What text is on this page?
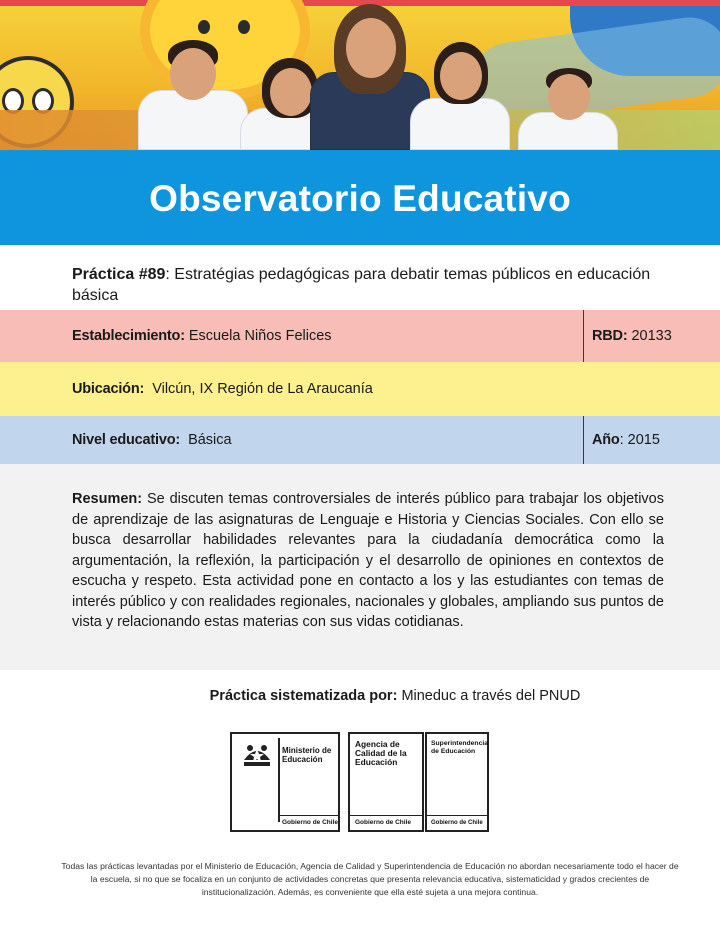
Observatorio Educativo
Práctica #89: Estratégias pedagógicas para debatir temas públicos en educación básica
Establecimiento:
Escuela Niños Felices	RBD:
20133
Ubicación:
Vilcún, IX Región de La Araucanía
Nivel educativo:
Básica	Año : 2015

Resumen: Se discuten temas controversiales de interés público para trabajar los objetivos de aprendizaje de las asignaturas de Lenguaje e Historia y Ciencias Sociales. Con ello se busca desarrollar habilidades relevantes para la ciudadanía democrática como la argumentación, la reflexión, la participación y el desarrollo de opiniones en contextos de escucha y respeto. Esta actividad pone en contacto a los y las estudiantes con temas de interés público y con realidades regionales, nacionales y globales, ampliando sus puntos de vista y relacionando estas materias con sus vidas cotidianas.

Práctica sistematizada por: Mineduc a través del PNUD
Ministerio de
Educación
Gobierno de Chile
Agencia de
Calidad de la
Educación
Gobierno de Chile
Superintendencia
de Educación
Gobierno de Chile

Todas las prácticas levantadas por el Ministerio de Educación, Agencia de Calidad y Superintendencia de Educación no abordan necesariamente todo el hacer de la escuela, si no que se focaliza en un conjunto de actividades concretas que presenta relevancia educativa, sistematicidad y grados crecientes de institucionalización. Además, es conveniente que ella esté sujeta a una mejora continua.
